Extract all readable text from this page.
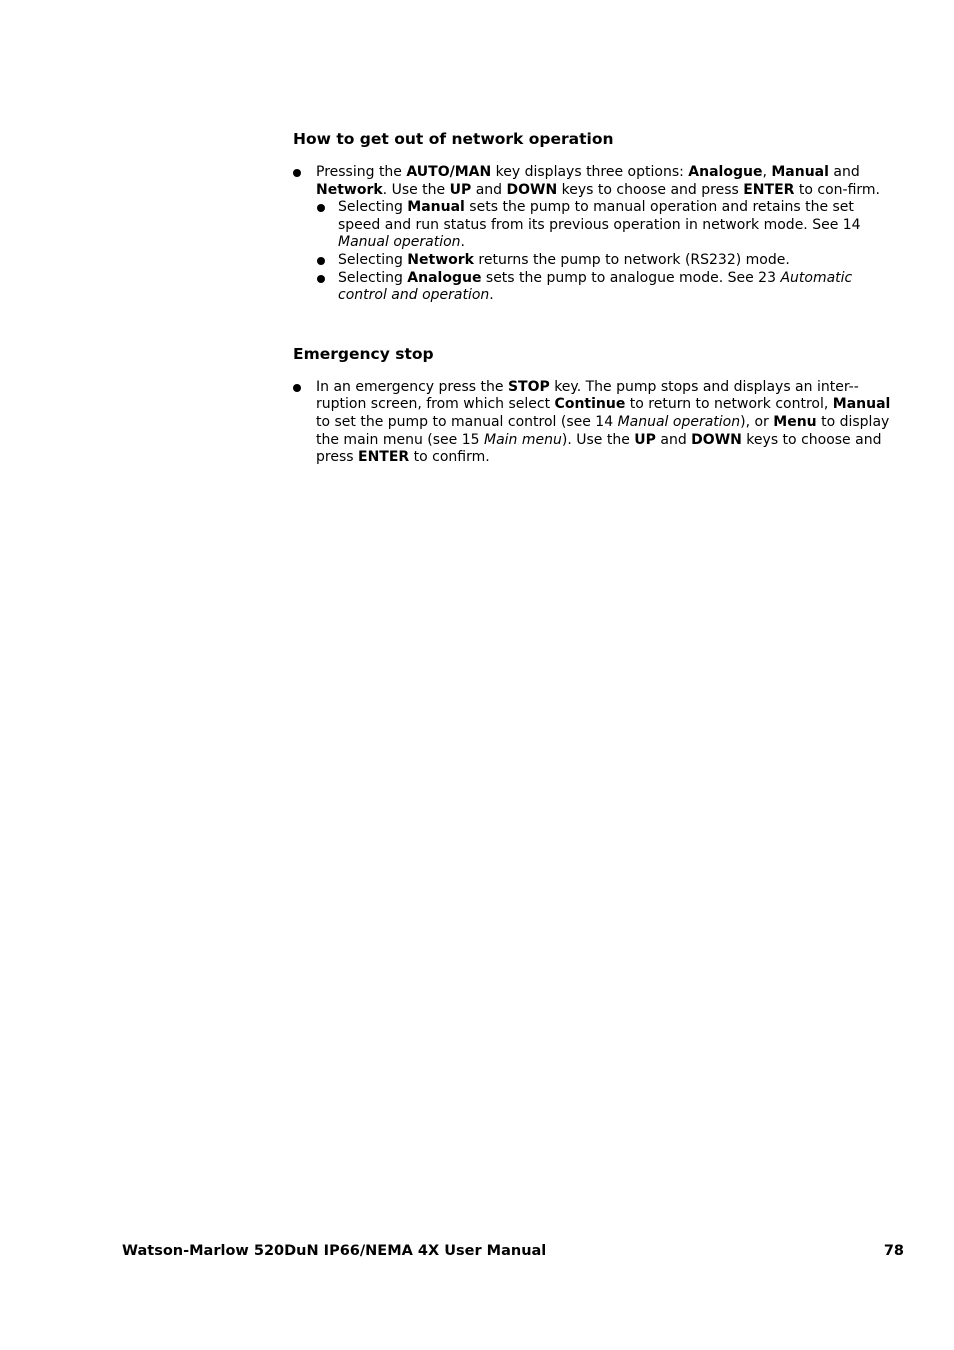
How to get out of network operation
Pressing the AUTO/MAN key displays three options: Analogue, Manual and Network. Use the UP and DOWN keys to choose and press ENTER to con-firm.
Selecting Manual sets the pump to manual operation and retains the set speed and run status from its previous operation in network mode. See 14 Manual operation.
Selecting Network returns the pump to network (RS232) mode.
Selecting Analogue sets the pump to analogue mode. See 23 Automatic control and operation.
Emergency stop
In an emergency press the STOP key. The pump stops and displays an inter-ruption screen, from which select Continue to return to network control, Manual to set the pump to manual control (see 14 Manual operation), or Menu to display the main menu (see 15 Main menu). Use the UP and DOWN keys to choose and press ENTER to confirm.
Watson-Marlow 520DuN IP66/NEMA 4X User Manual	78
